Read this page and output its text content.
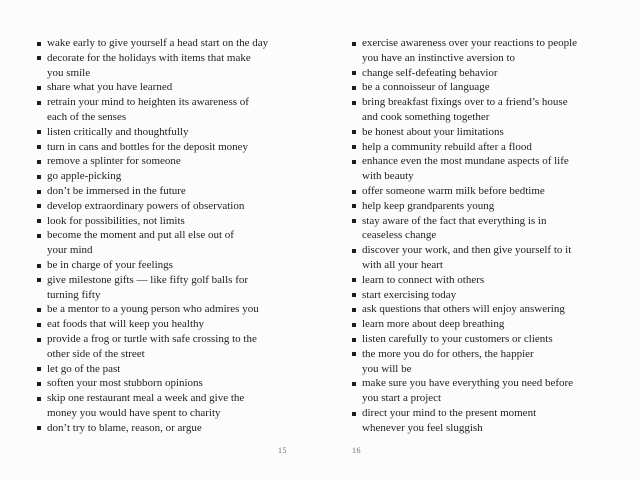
wake early to give yourself a head start on the day
decorate for the holidays with items that make
you smile
share what you have learned
retrain your mind to heighten its awareness of
each of the senses
listen critically and thoughtfully
turn in cans and bottles for the deposit money
remove a splinter for someone
go apple-picking
don’t be immersed in the future
develop extraordinary powers of observation
look for possibilities, not limits
become the moment and put all else out of
your mind
be in charge of your feelings
give milestone gifts — like fifty golf balls for
turning fifty
be a mentor to a young person who admires you
eat foods that will keep you healthy
provide a frog or turtle with safe crossing to the
other side of the street
let go of the past
soften your most stubborn opinions
skip one restaurant meal a week and give the
money you would have spent to charity
don’t try to blame, reason, or argue
15
exercise awareness over your reactions to people
you have an instinctive aversion to
change self-defeating behavior
be a connoisseur of language
bring breakfast fixings over to a friend’s house
and cook something together
be honest about your limitations
help a community rebuild after a flood
enhance even the most mundane aspects of life
with beauty
offer someone warm milk before bedtime
help keep grandparents young
stay aware of the fact that everything is in
ceaseless change
discover your work, and then give yourself to it
with all your heart
learn to connect with others
start exercising today
ask questions that others will enjoy answering
learn more about deep breathing
listen carefully to your customers or clients
the more you do for others, the happier
you will be
make sure you have everything you need before
you start a project
direct your mind to the present moment
whenever you feel sluggish
16
